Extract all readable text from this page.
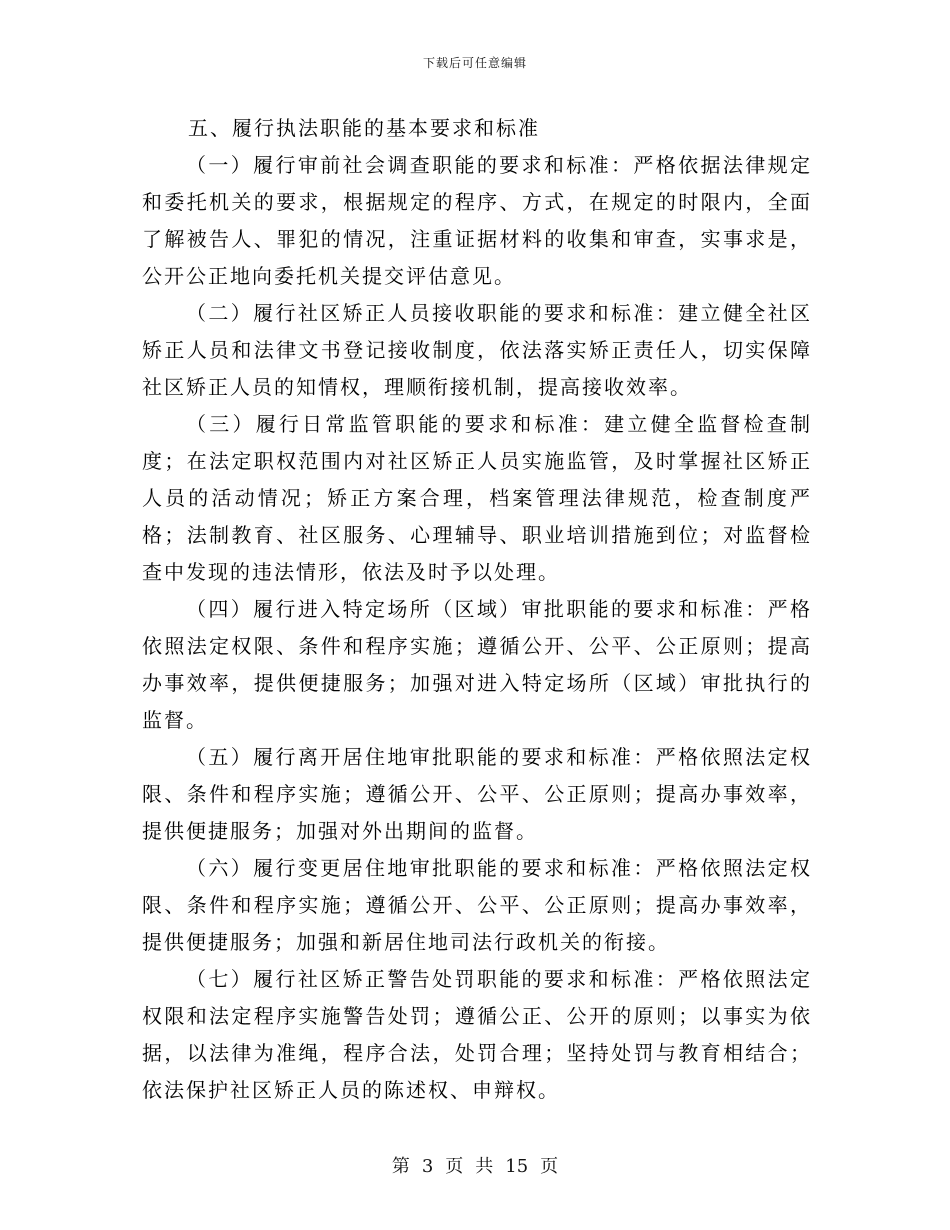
下载后可任意编辑

五、履行执法职能的基本要求和标准

（一）履行审前社会调查职能的要求和标准：严格依据法律规定和委托机关的要求，根据规定的程序、方式，在规定的时限内，全面了解被告人、罪犯的情况，注重证据材料的收集和审查，实事求是，公开公正地向委托机关提交评估意见。

（二）履行社区矫正人员接收职能的要求和标准：建立健全社区矫正人员和法律文书登记接收制度，依法落实矫正责任人，切实保障社区矫正人员的知情权，理顺衔接机制，提高接收效率。

（三）履行日常监管职能的要求和标准：建立健全监督检查制度；在法定职权范围内对社区矫正人员实施监管，及时掌握社区矫正人员的活动情况；矫正方案合理，档案管理法律规范，检查制度严格；法制教育、社区服务、心理辅导、职业培训措施到位；对监督检查中发现的违法情形，依法及时予以处理。

（四）履行进入特定场所（区域）审批职能的要求和标准：严格依照法定权限、条件和程序实施；遵循公开、公平、公正原则；提高办事效率，提供便捷服务；加强对进入特定场所（区域）审批执行的监督。

（五）履行离开居住地审批职能的要求和标准：严格依照法定权限、条件和程序实施；遵循公开、公平、公正原则；提高办事效率，提供便捷服务；加强对外出期间的监督。

（六）履行变更居住地审批职能的要求和标准：严格依照法定权限、条件和程序实施；遵循公开、公平、公正原则；提高办事效率，提供便捷服务；加强和新居住地司法行政机关的衔接。

（七）履行社区矫正警告处罚职能的要求和标准：严格依照法定权限和法定程序实施警告处罚；遵循公正、公开的原则；以事实为依据，以法律为准绳，程序合法，处罚合理；坚持处罚与教育相结合；依法保护社区矫正人员的陈述权、申辩权。

第 3 页 共 15 页
